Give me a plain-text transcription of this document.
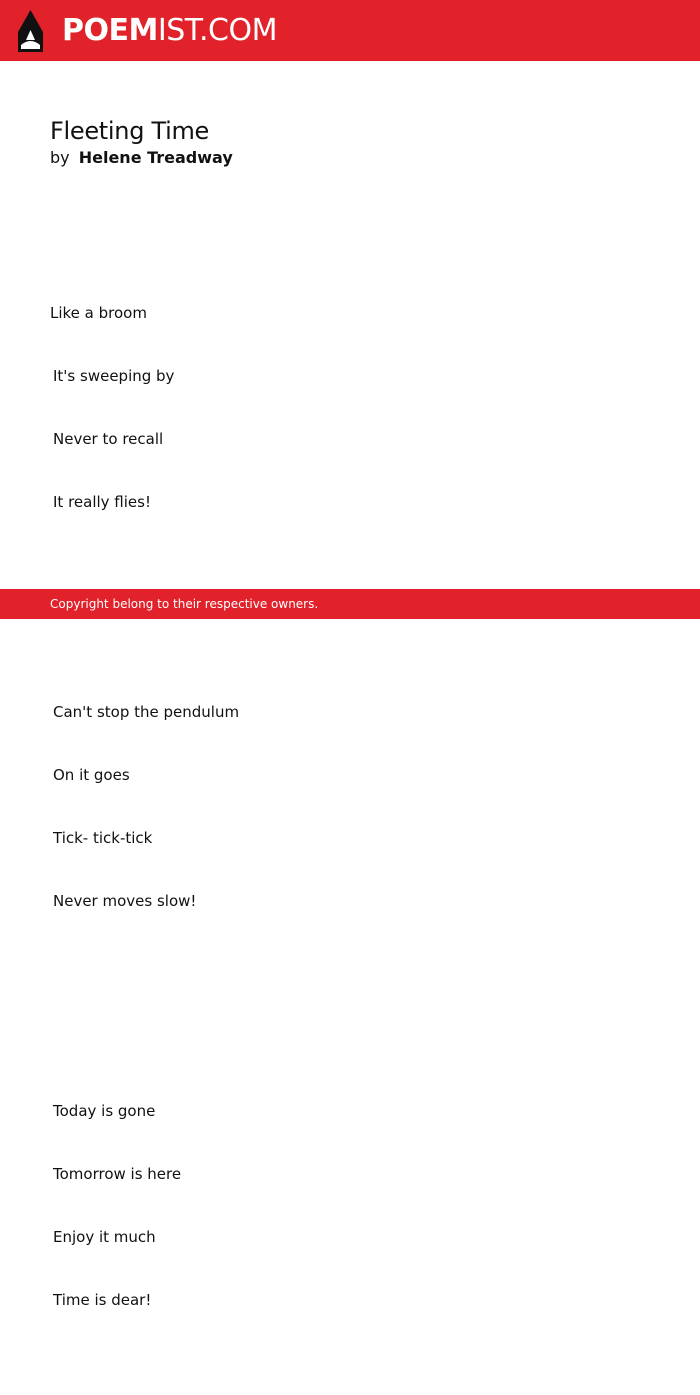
POEMIST.COM
Fleeting Time
by Helene Treadway

Like a broom

It's sweeping by

Never to recall

It really flies!

Can't stop the pendulum

On it goes

Tick- tick-tick

Never moves slow!

Today is gone

Tomorrow is here

Enjoy it much

Time is dear!

Copyright belong to their respective owners.
